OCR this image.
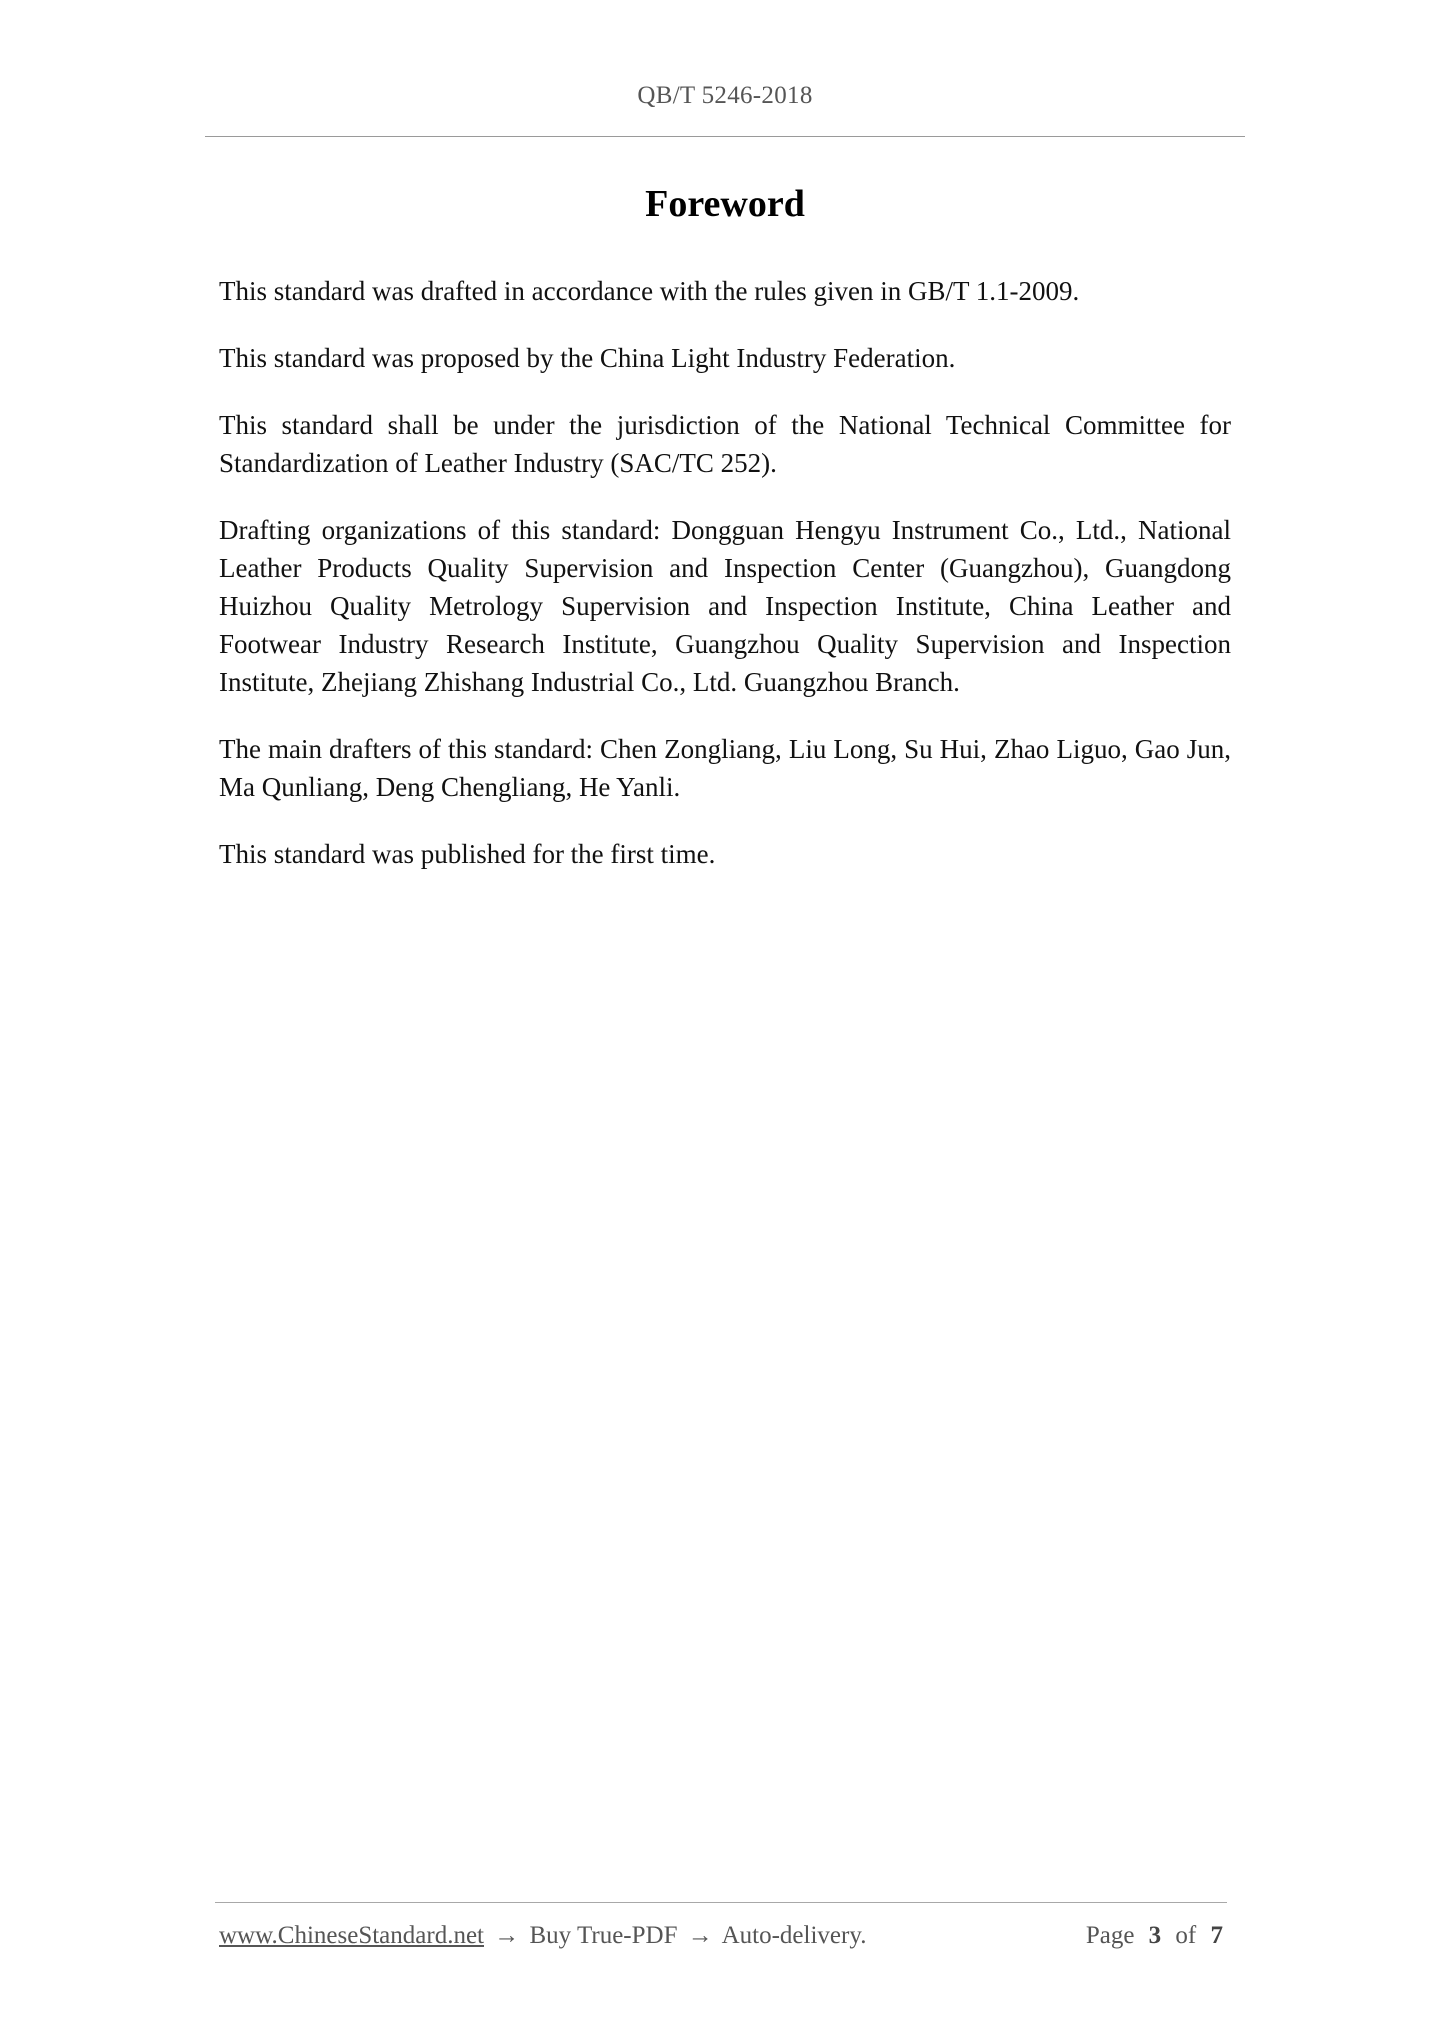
QB/T 5246-2018
Foreword

This standard was drafted in accordance with the rules given in GB/T 1.1-2009.

This standard was proposed by the China Light Industry Federation.

This standard shall be under the jurisdiction of the National Technical Committee for Standardization of Leather Industry (SAC/TC 252).

Drafting organizations of this standard: Dongguan Hengyu Instrument Co., Ltd., National Leather Products Quality Supervision and Inspection Center (Guangzhou), Guangdong Huizhou Quality Metrology Supervision and Inspection Institute, China Leather and Footwear Industry Research Institute, Guangzhou Quality Supervision and Inspection Institute, Zhejiang Zhishang Industrial Co., Ltd. Guangzhou Branch.

The main drafters of this standard: Chen Zongliang, Liu Long, Su Hui, Zhao Liguo, Gao Jun, Ma Qunliang, Deng Chengliang, He Yanli.

This standard was published for the first time.

www.ChineseStandard.net → Buy True-PDF → Auto-delivery.	Page 3 of 7
